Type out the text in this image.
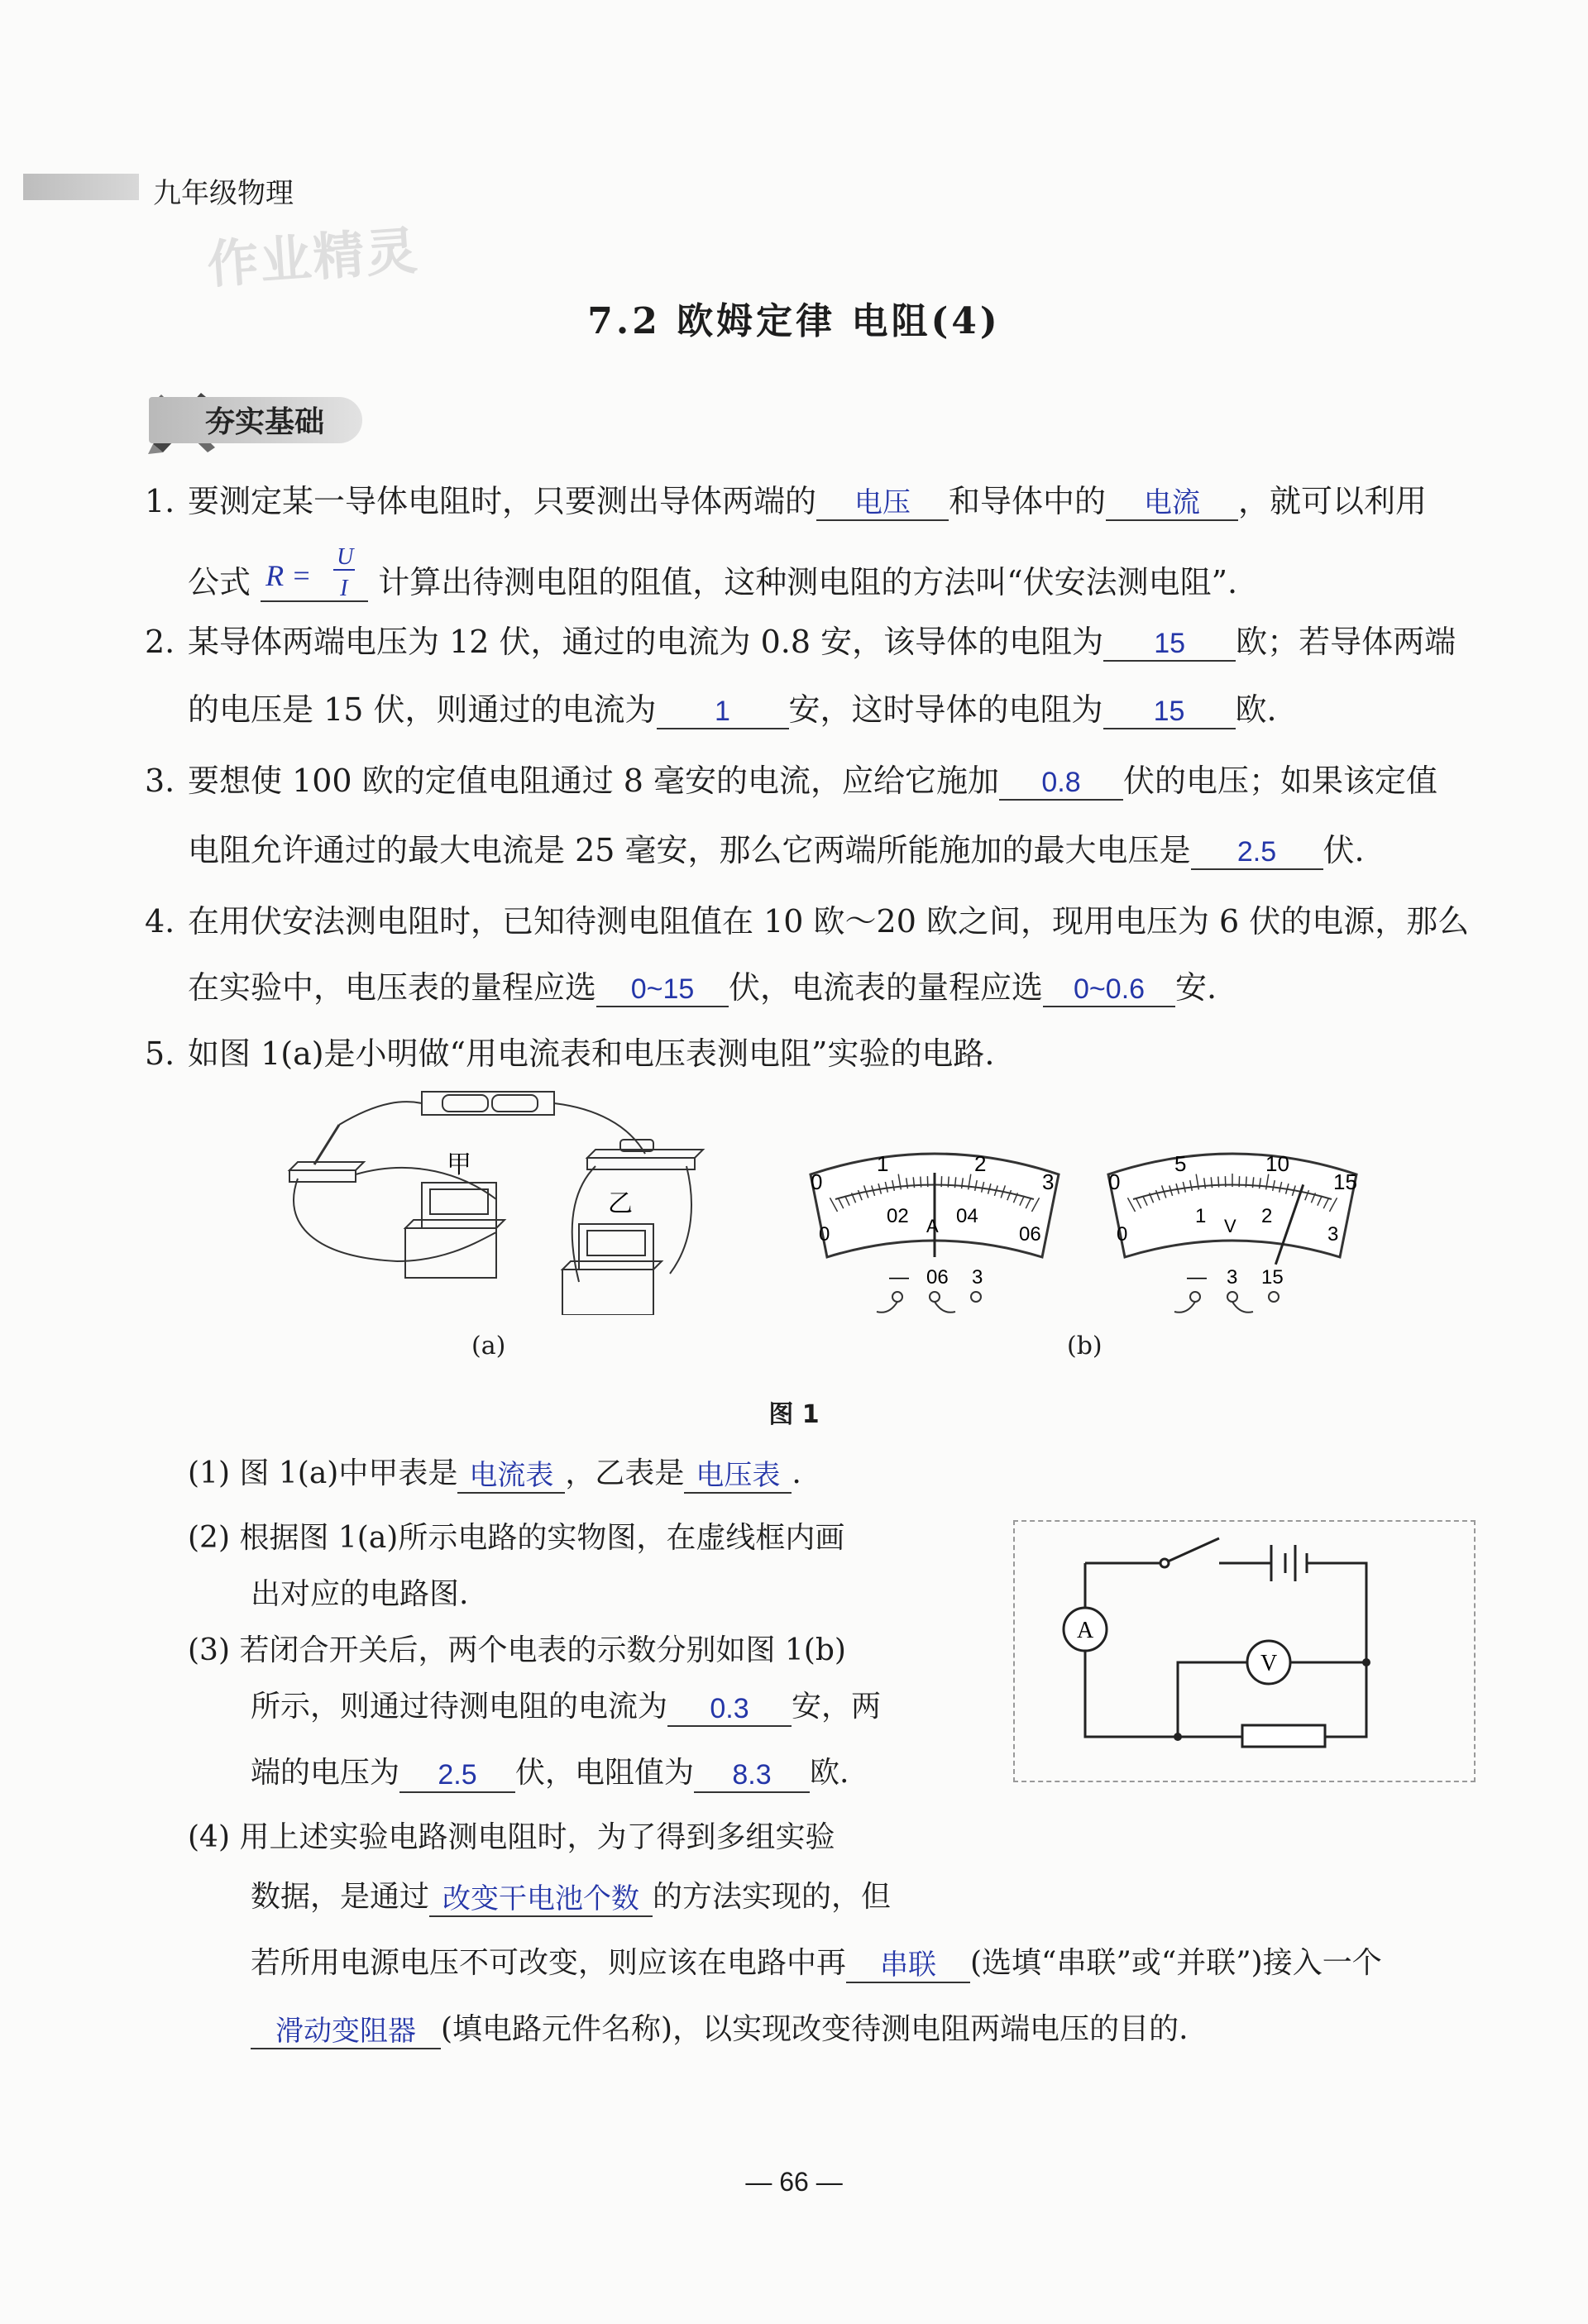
九年级物理
作业精灵
7.2 欧姆定律 电阻(4)
夯实基础
1. 要测定某一导体电阻时，只要测出导体两端的 电压 和导体中的 电流 ，就可以利用
公式 R =
U
I 计算出待测电阻的阻值，这种测电阻的方法叫“伏安法测电阻”.
2. 某导体两端电压为 12 伏，通过的电流为 0.8 安，该导体的电阻为 15 欧；若导体两端
的电压是 15 伏，则通过的电流为 1 安，这时导体的电阻为 15 欧.
3. 要想使 100 欧的定值电阻通过 8 毫安的电流，应给它施加 0.8 伏的电压；如果该定值
电阻允许通过的最大电流是 25 毫安，那么它两端所能施加的最大电压是 2.5 伏.
4. 在用伏安法测电阻时，已知待测电阻值在 10 欧～20 欧之间，现用电压为 6 伏的电源，那么
在实验中，电压表的量程应选 0~15 伏，电流表的量程应选 0~0.6 安.
5. 如图 1(a)是小明做“用电流表和电压表测电阻”实验的电路.
甲
乙
(a)
0
1	2
3
0
02 04
06
A
— 06 3
0
5	10
15
0
1	2
3
V
— 3 15
(b)
图 1
(1) 图 1(a)中甲表是 电流表 ，乙表是 电压表 .
(2) 根据图 1(a)所示电路的实物图，在虚线框内画
出对应的电路图.
(3) 若闭合开关后，两个电表的示数分别如图 1(b)
所示，则通过待测电阻的电流为 0.3 安，两
端的电压为 2.5 伏，电阻值为 8.3 欧.
(4) 用上述实验电路测电阻时，为了得到多组实验
数据，是通过 改变干电池个数 的方法实现的，但
若所用电源电压不可改变，则应该在电路中再 串联 (选填“串联”或“并联”)接入一个
滑动变阻器 (填电路元件名称)，以实现改变待测电阻两端电压的目的.
A
V
— 66 —
